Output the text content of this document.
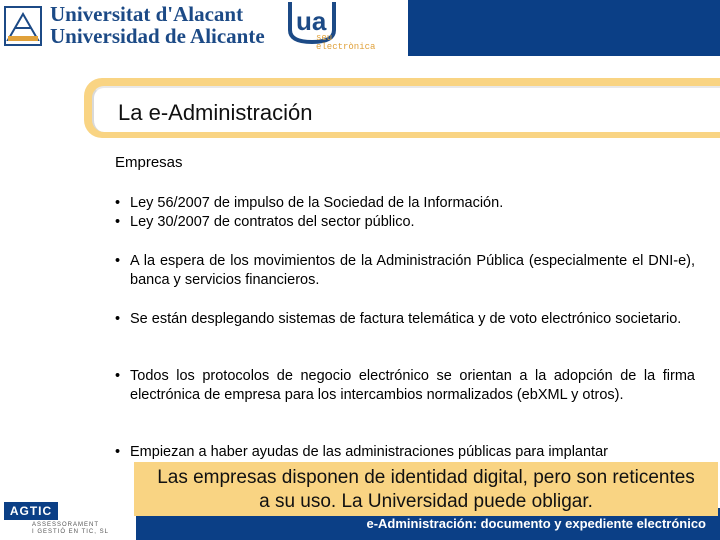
Universitat d'Alacant
Universidad de Alicante ua
seu
electrònica
La e-Administración
Empresas
• Ley 56/2007 de impulso de la Sociedad de la Información.
• Ley 30/2007 de contratos del sector público.
• A la espera de los movimientos de la Administración Pública (especialmente el DNI-e), banca y servicios financieros.
• Se están desplegando sistemas de factura telemática y de voto electrónico societario.
• Todos los protocolos de negocio electrónico se orientan a la adopción de la firma electrónica de empresa para los intercambios normalizados (ebXML y otros).
• Empiezan a haber ayudas de las administraciones públicas para implantar
e-Administración: documento y expediente electrónico
Las empresas disponen de identidad digital, pero son reticentes
a su uso. La Universidad puede obligar.
AGTIC
ASSESSORAMENT
I GESTIÓ EN TIC, SL
